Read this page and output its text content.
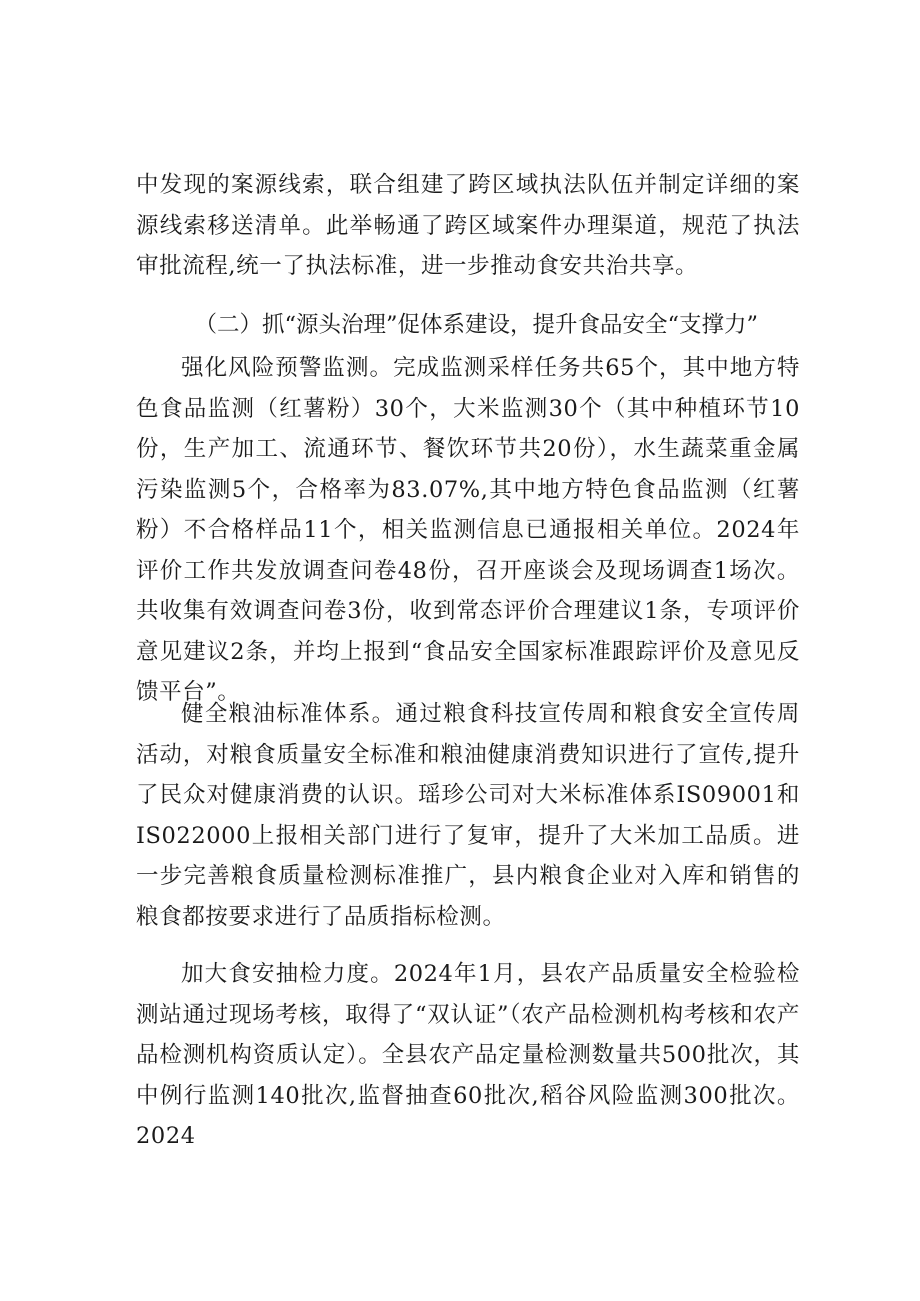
中发现的案源线索，联合组建了跨区域执法队伍并制定详细的案源线索移送清单。此举畅通了跨区域案件办理渠道，规范了执法审批流程,统一了执法标准，进一步推动食安共治共享。

（二）抓“源头治理”促体系建设，提升食品安全“支撑力”

强化风险预警监测。完成监测采样任务共65个，其中地方特色食品监测（红薯粉）30个，大米监测30个（其中种植环节10份，生产加工、流通环节、餐饮环节共20份），水生蔬菜重金属污染监测5个，合格率为83.07%,其中地方特色食品监测（红薯粉）不合格样品11个，相关监测信息已通报相关单位。2024年评价工作共发放调查问卷48份，召开座谈会及现场调查1场次。共收集有效调查问卷3份，收到常态评价合理建议1条，专项评价意见建议2条，并均上报到“食品安全国家标准跟踪评价及意见反馈平台”。

健全粮油标准体系。通过粮食科技宣传周和粮食安全宣传周活动，对粮食质量安全标准和粮油健康消费知识进行了宣传,提升了民众对健康消费的认识。瑶珍公司对大米标准体系IS09001和IS022000上报相关部门进行了复审，提升了大米加工品质。进一步完善粮食质量检测标准推广，县内粮食企业对入库和销售的粮食都按要求进行了品质指标检测。

加大食安抽检力度。2024年1月，县农产品质量安全检验检测站通过现场考核，取得了“双认证”（农产品检测机构考核和农产品检测机构资质认定）。全县农产品定量检测数量共500批次，其中例行监测140批次,监督抽查60批次,稻谷风险监测300批次。2024
